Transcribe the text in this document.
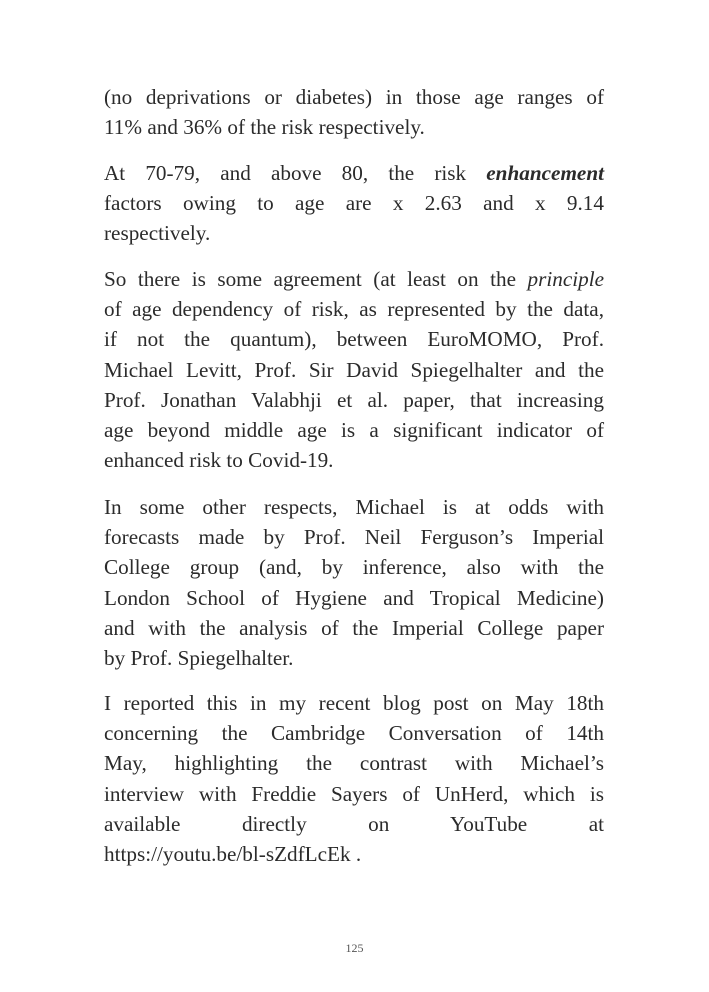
(no deprivations or diabetes) in those age ranges of
11% and 36% of the risk respectively.

At 70-79, and above 80, the risk enhancement
factors owing to age are x 2.63 and x 9.14
respectively.

So there is some agreement (at least on the principle
of age dependency of risk, as represented by the data,
if not the quantum), between EuroMOMO, Prof.
Michael Levitt, Prof. Sir David Spiegelhalter and the
Prof. Jonathan Valabhji et al. paper, that increasing
age beyond middle age is a significant indicator of
enhanced risk to Covid-19.

In some other respects, Michael is at odds with
forecasts made by Prof. Neil Ferguson’s Imperial
College group (and, by inference, also with the
London School of Hygiene and Tropical Medicine)
and with the analysis of the Imperial College paper
by Prof. Spiegelhalter.

I reported this in my recent blog post on May 18th
concerning the Cambridge Conversation of 14th
May, highlighting the contrast with Michael’s
interview with Freddie Sayers of UnHerd, which is
available directly on YouTube at
https://youtu.be/bl-sZdfLcEk .

125
